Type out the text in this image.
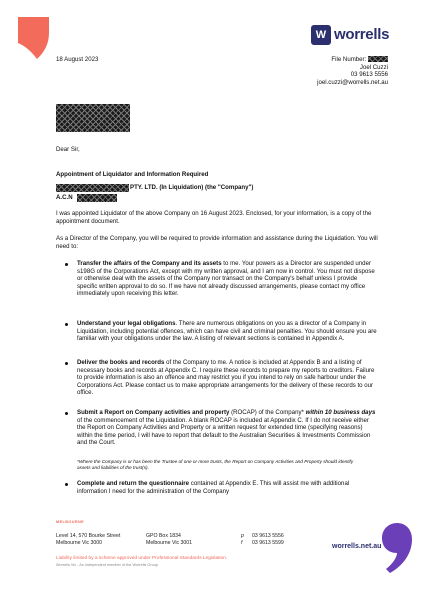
W worrells
18 August 2023	File Number:
Joel Cuzzi
03 9613 5556
joel.cuzzi@worrells.net.au
Dear Sir,
Appointment of Liquidator and Information Required
PTY. LTD. (In Liquidation) (the "Company")
A.C.N
I was appointed Liquidator of the above Company on 16 August 2023. Enclosed, for your information, is a copy of the appointment document.
As a Director of the Company, you will be required to provide information and assistance during the Liquidation. You will need to:
Transfer the affairs of the Company and its assets to me. Your powers as a Director are suspended under s198G of the Corporations Act, except with my written approval, and I am now in control. You must not dispose or otherwise deal with the assets of the Company nor transact on the Company's behalf unless I provide specific written approval to do so. If we have not already discussed arrangements, please contact my office immediately upon receiving this letter.
Understand your legal obligations. There are numerous obligations on you as a director of a Company in Liquidation, including potential offences, which can have civil and criminal penalties. You should ensure you are familiar with your obligations under the law. A listing of relevant sections is contained in Appendix A.
Deliver the books and records of the Company to me. A notice is included at Appendix B and a listing of necessary books and records at Appendix C. I require these records to prepare my reports to creditors. Failure to provide information is also an offence and may restrict you if you intend to rely on safe harbour under the Corporations Act. Please contact us to make appropriate arrangements for the delivery of these records to our office.
Submit a Report on Company activities and property (ROCAP) of the Company* within 10 business days of the commencement of the Liquidation. A blank ROCAP is included at Appendix C. If I do not receive either the Report on Company Activities and Property or a written request for extended time (specifying reasons) within the time period, I will have to report that default to the Australian Securities & Investments Commission and the Court.
*Where the Company is or has been the Trustee of one or more trusts, the Report on Company Activities and Property should identify assets and liabilities of the trust(s).
Complete and return the questionnaire contained at Appendix E. This will assist me with additional information I need for the administration of the Company
MELBOURNE
Level 14, 570 Bourke Street
Melbourne Vic 3000
GPO Box 1834
Melbourne Vic 3001
p
f
03 9613 5556
03 9613 5599	worrells.net.au
Liability limited by a scheme approved under Professional Standards Legislation.
Worrells Vic - An independent member of the Worrells Group
